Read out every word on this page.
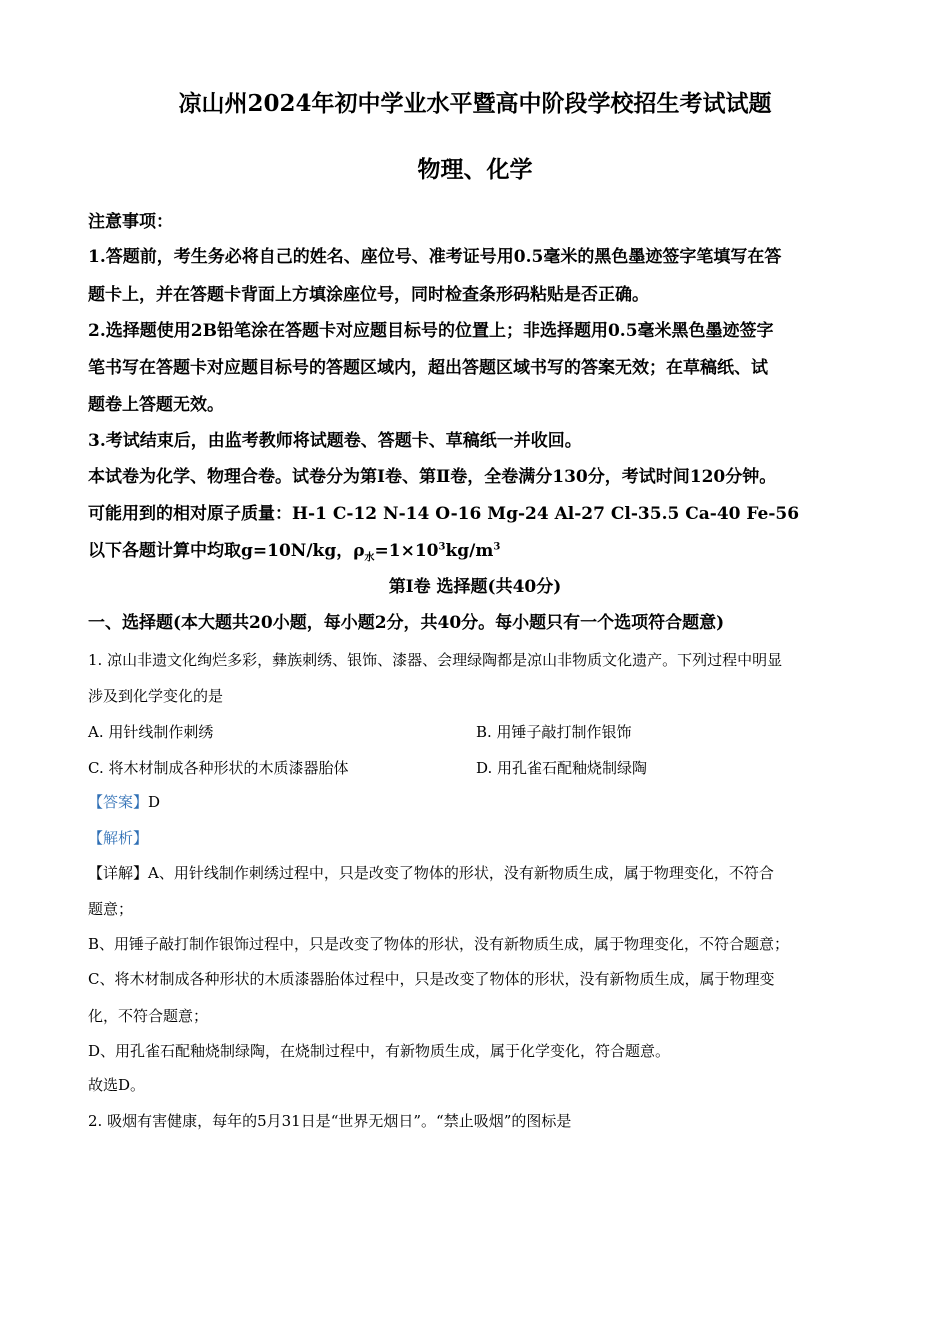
凉山州2024年初中学业水平暨高中阶段学校招生考试试题
物理、化学
注意事项：
1.答题前，考生务必将自己的姓名、座位号、准考证号用0.5毫米的黑色墨迹签字笔填写在答
题卡上，并在答题卡背面上方填涂座位号，同时检查条形码粘贴是否正确。
2.选择题使用2B铅笔涂在答题卡对应题目标号的位置上；非选择题用0.5毫米黑色墨迹签字
笔书写在答题卡对应题目标号的答题区域内，超出答题区域书写的答案无效；在草稿纸、试
题卷上答题无效。
3.考试结束后，由监考教师将试题卷、答题卡、草稿纸一并收回。
本试卷为化学、物理合卷。试卷分为第Ⅰ卷、第Ⅱ卷，全卷满分130分，考试时间120分钟。
可能用到的相对原子质量：H-1 C-12 N-14 O-16 Mg-24 Al-27 Cl-35.5 Ca-40 Fe-56
以下各题计算中均取g=10N/kg，$\rho_水=1\times 10^3kg/m^3$
第Ⅰ卷 选择题(共40分)
一、选择题(本大题共20小题，每小题2分，共40分。每小题只有一个选项符合题意)
1. 凉山非遗文化绚烂多彩，彝族刺绣、银饰、漆器、会理绿陶都是凉山非物质文化遗产。下列过程中明显
涉及到化学变化的是
A. 用针线制作刺绣	B. 用锤子敲打制作银饰
C. 将木材制成各种形状的木质漆器胎体	D. 用孔雀石配釉烧制绿陶
【答案】D
【解析】
【详解】A、用针线制作刺绣过程中，只是改变了物体的形状，没有新物质生成，属于物理变化，不符合
题意；
B、用锤子敲打制作银饰过程中，只是改变了物体的形状，没有新物质生成，属于物理变化，不符合题意；
C、将木材制成各种形状的木质漆器胎体过程中，只是改变了物体的形状，没有新物质生成，属于物理变
化，不符合题意；
D、用孔雀石配釉烧制绿陶，在烧制过程中，有新物质生成，属于化学变化，符合题意。
故选D。
2. 吸烟有害健康，每年的5月31日是“世界无烟日”。“禁止吸烟”的图标是
